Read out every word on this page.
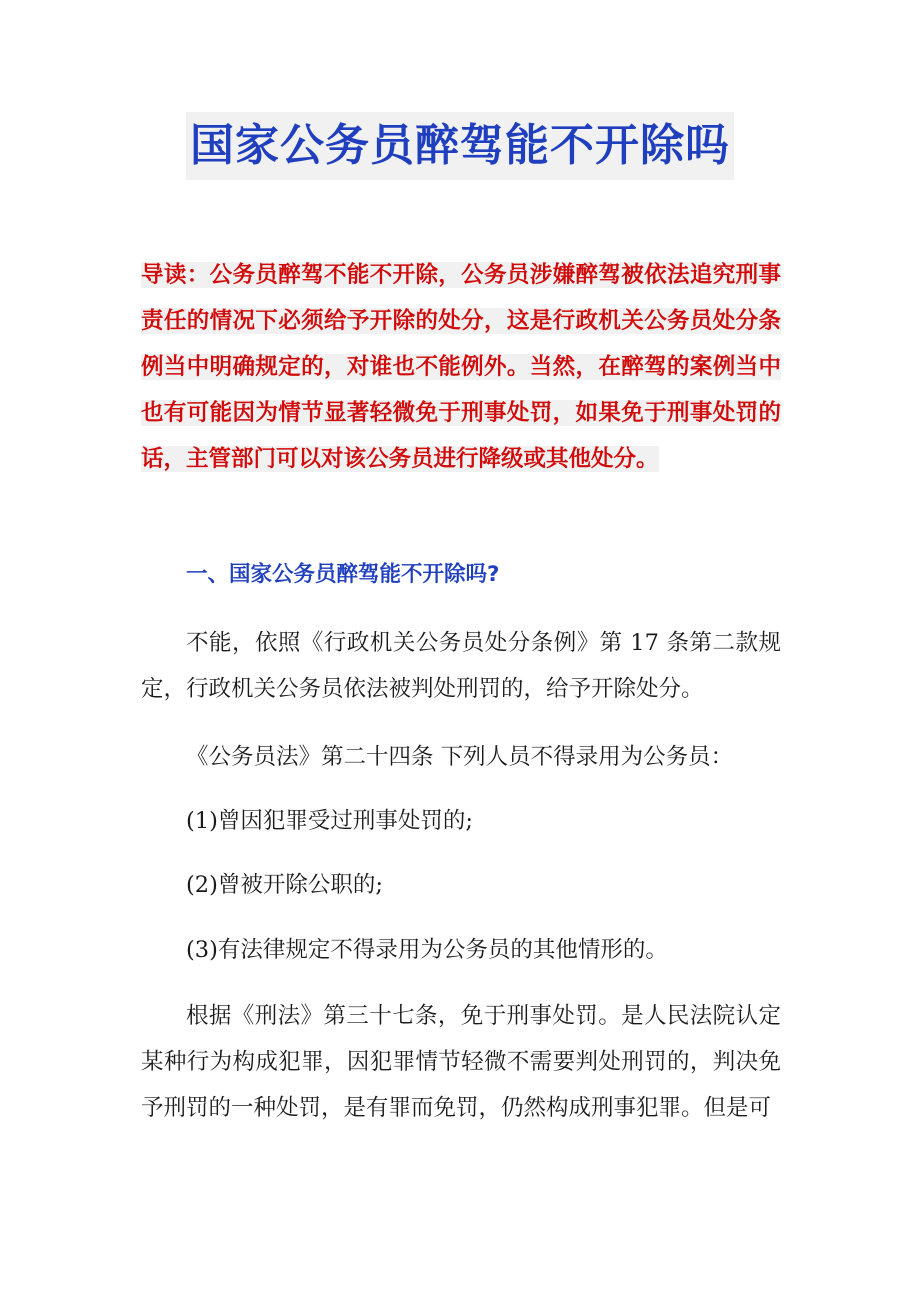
国家公务员醉驾能不开除吗
导读：公务员醉驾不能不开除，公务员涉嫌醉驾被依法追究刑事责任的情况下必须给予开除的处分，这是行政机关公务员处分条例当中明确规定的，对谁也不能例外。当然，在醉驾的案例当中也有可能因为情节显著轻微免于刑事处罚，如果免于刑事处罚的话，主管部门可以对该公务员进行降级或其他处分。
一、国家公务员醉驾能不开除吗?
不能，依照《行政机关公务员处分条例》第 17 条第二款规定，行政机关公务员依法被判处刑罚的，给予开除处分。
《公务员法》第二十四条 下列人员不得录用为公务员：
(1)曾因犯罪受过刑事处罚的;
(2)曾被开除公职的;
(3)有法律规定不得录用为公务员的其他情形的。
根据《刑法》第三十七条，免于刑事处罚。是人民法院认定某种行为构成犯罪，因犯罪情节轻微不需要判处刑罚的，判决免予刑罚的一种处罚，是有罪而免罚，仍然构成刑事犯罪。但是可
